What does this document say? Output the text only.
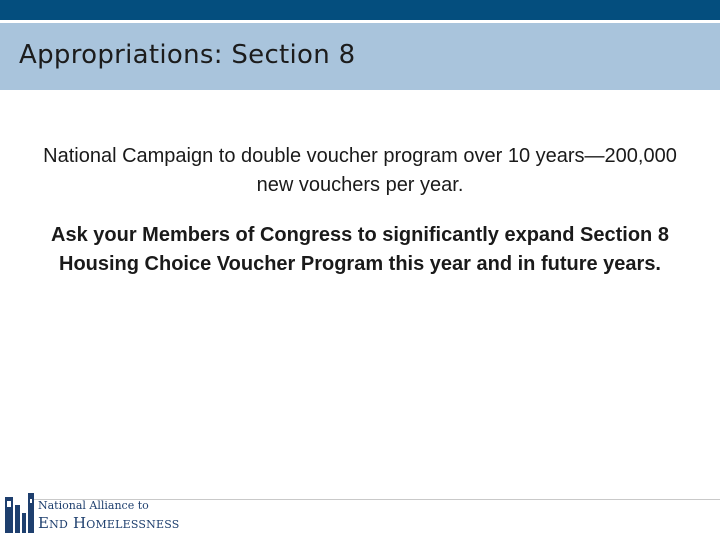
Appropriations: Section 8

National Campaign to double voucher program over 10 years—200,000 new vouchers per year.

Ask your Members of Congress to significantly expand Section 8 Housing Choice Voucher Program this year and in future years.

National Alliance to
End Homelessness
